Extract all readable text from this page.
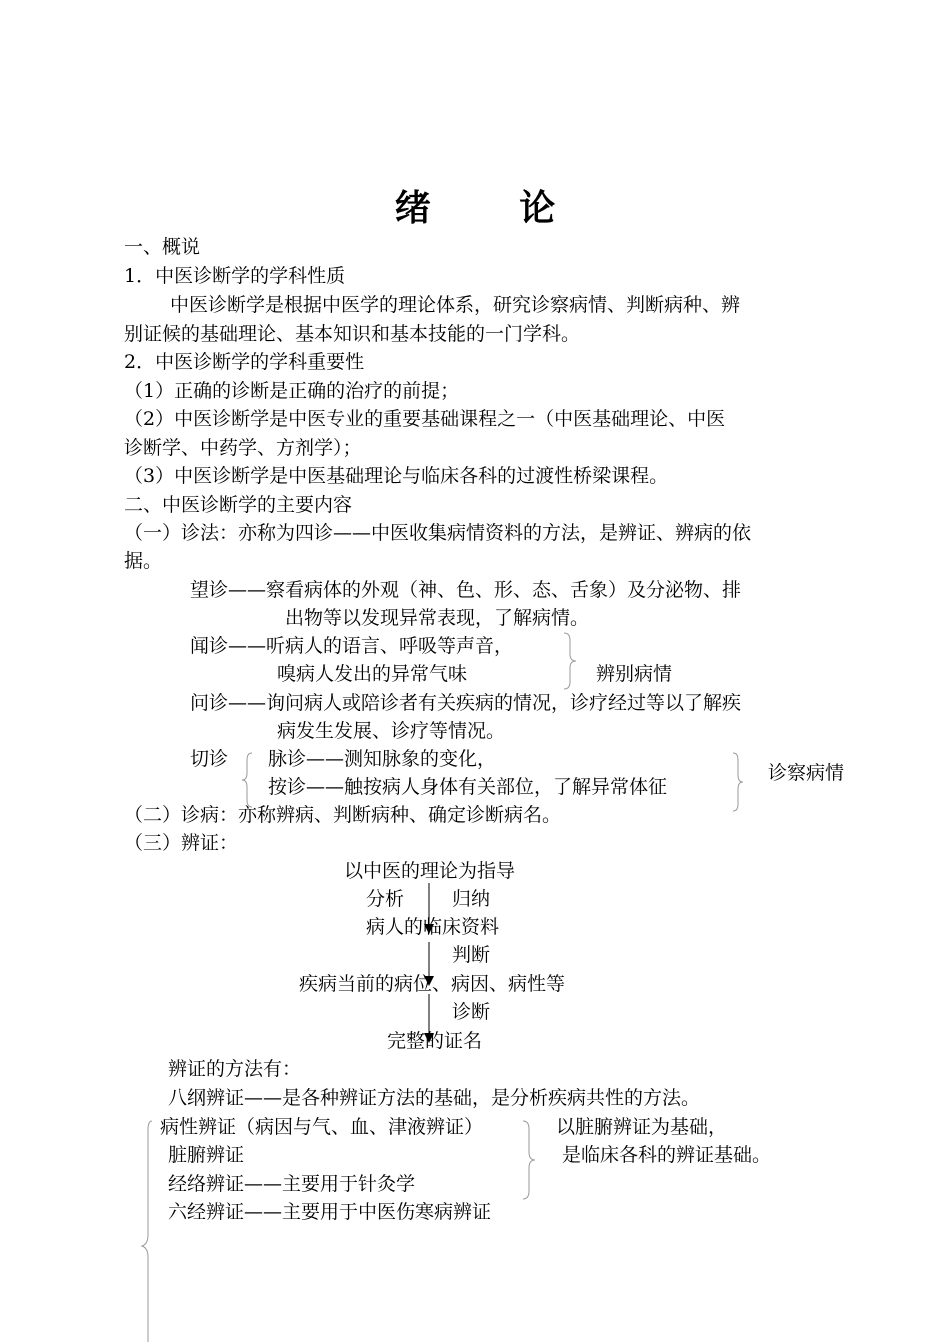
绪 论
一、概说
1．中医诊断学的学科性质
中医诊断学是根据中医学的理论体系，研究诊察病情、判断病种、辨
别证候的基础理论、基本知识和基本技能的一门学科。
2．中医诊断学的学科重要性
（1）正确的诊断是正确的治疗的前提；
（2）中医诊断学是中医专业的重要基础课程之一（中医基础理论、中医
诊断学、中药学、方剂学）；
（3）中医诊断学是中医基础理论与临床各科的过渡性桥梁课程。
二、中医诊断学的主要内容
（一）诊法：亦称为四诊——中医收集病情资料的方法，是辨证、辨病的依
据。
望诊——察看病体的外观（神、色、形、态、舌象）及分泌物、排
出物等以发现异常表现，了解病情。
闻诊——听病人的语言、呼吸等声音，
嗅病人发出的异常气味	辨别病情
问诊——询问病人或陪诊者有关疾病的情况，诊疗经过等以了解疾
病发生发展、诊疗等情况。
切诊 脉诊——测知脉象的变化，
按诊——触按病人身体有关部位，了解异常体征
诊察病情
（二）诊病：亦称辨病、判断病种、确定诊断病名。
（三）辨证：
以中医的理论为指导
分析	归纳
病人的临床资料
判断
疾病当前的病位、病因、病性等
诊断
完整的证名
辨证的方法有：
八纲辨证——是各种辨证方法的基础，是分析疾病共性的方法。
病性辨证（病因与气、血、津液辨证）
脏腑辨证
经络辨证——主要用于针灸学
六经辨证——主要用于中医伤寒病辨证
以脏腑辨证为基础，
是临床各科的辨证基础。
